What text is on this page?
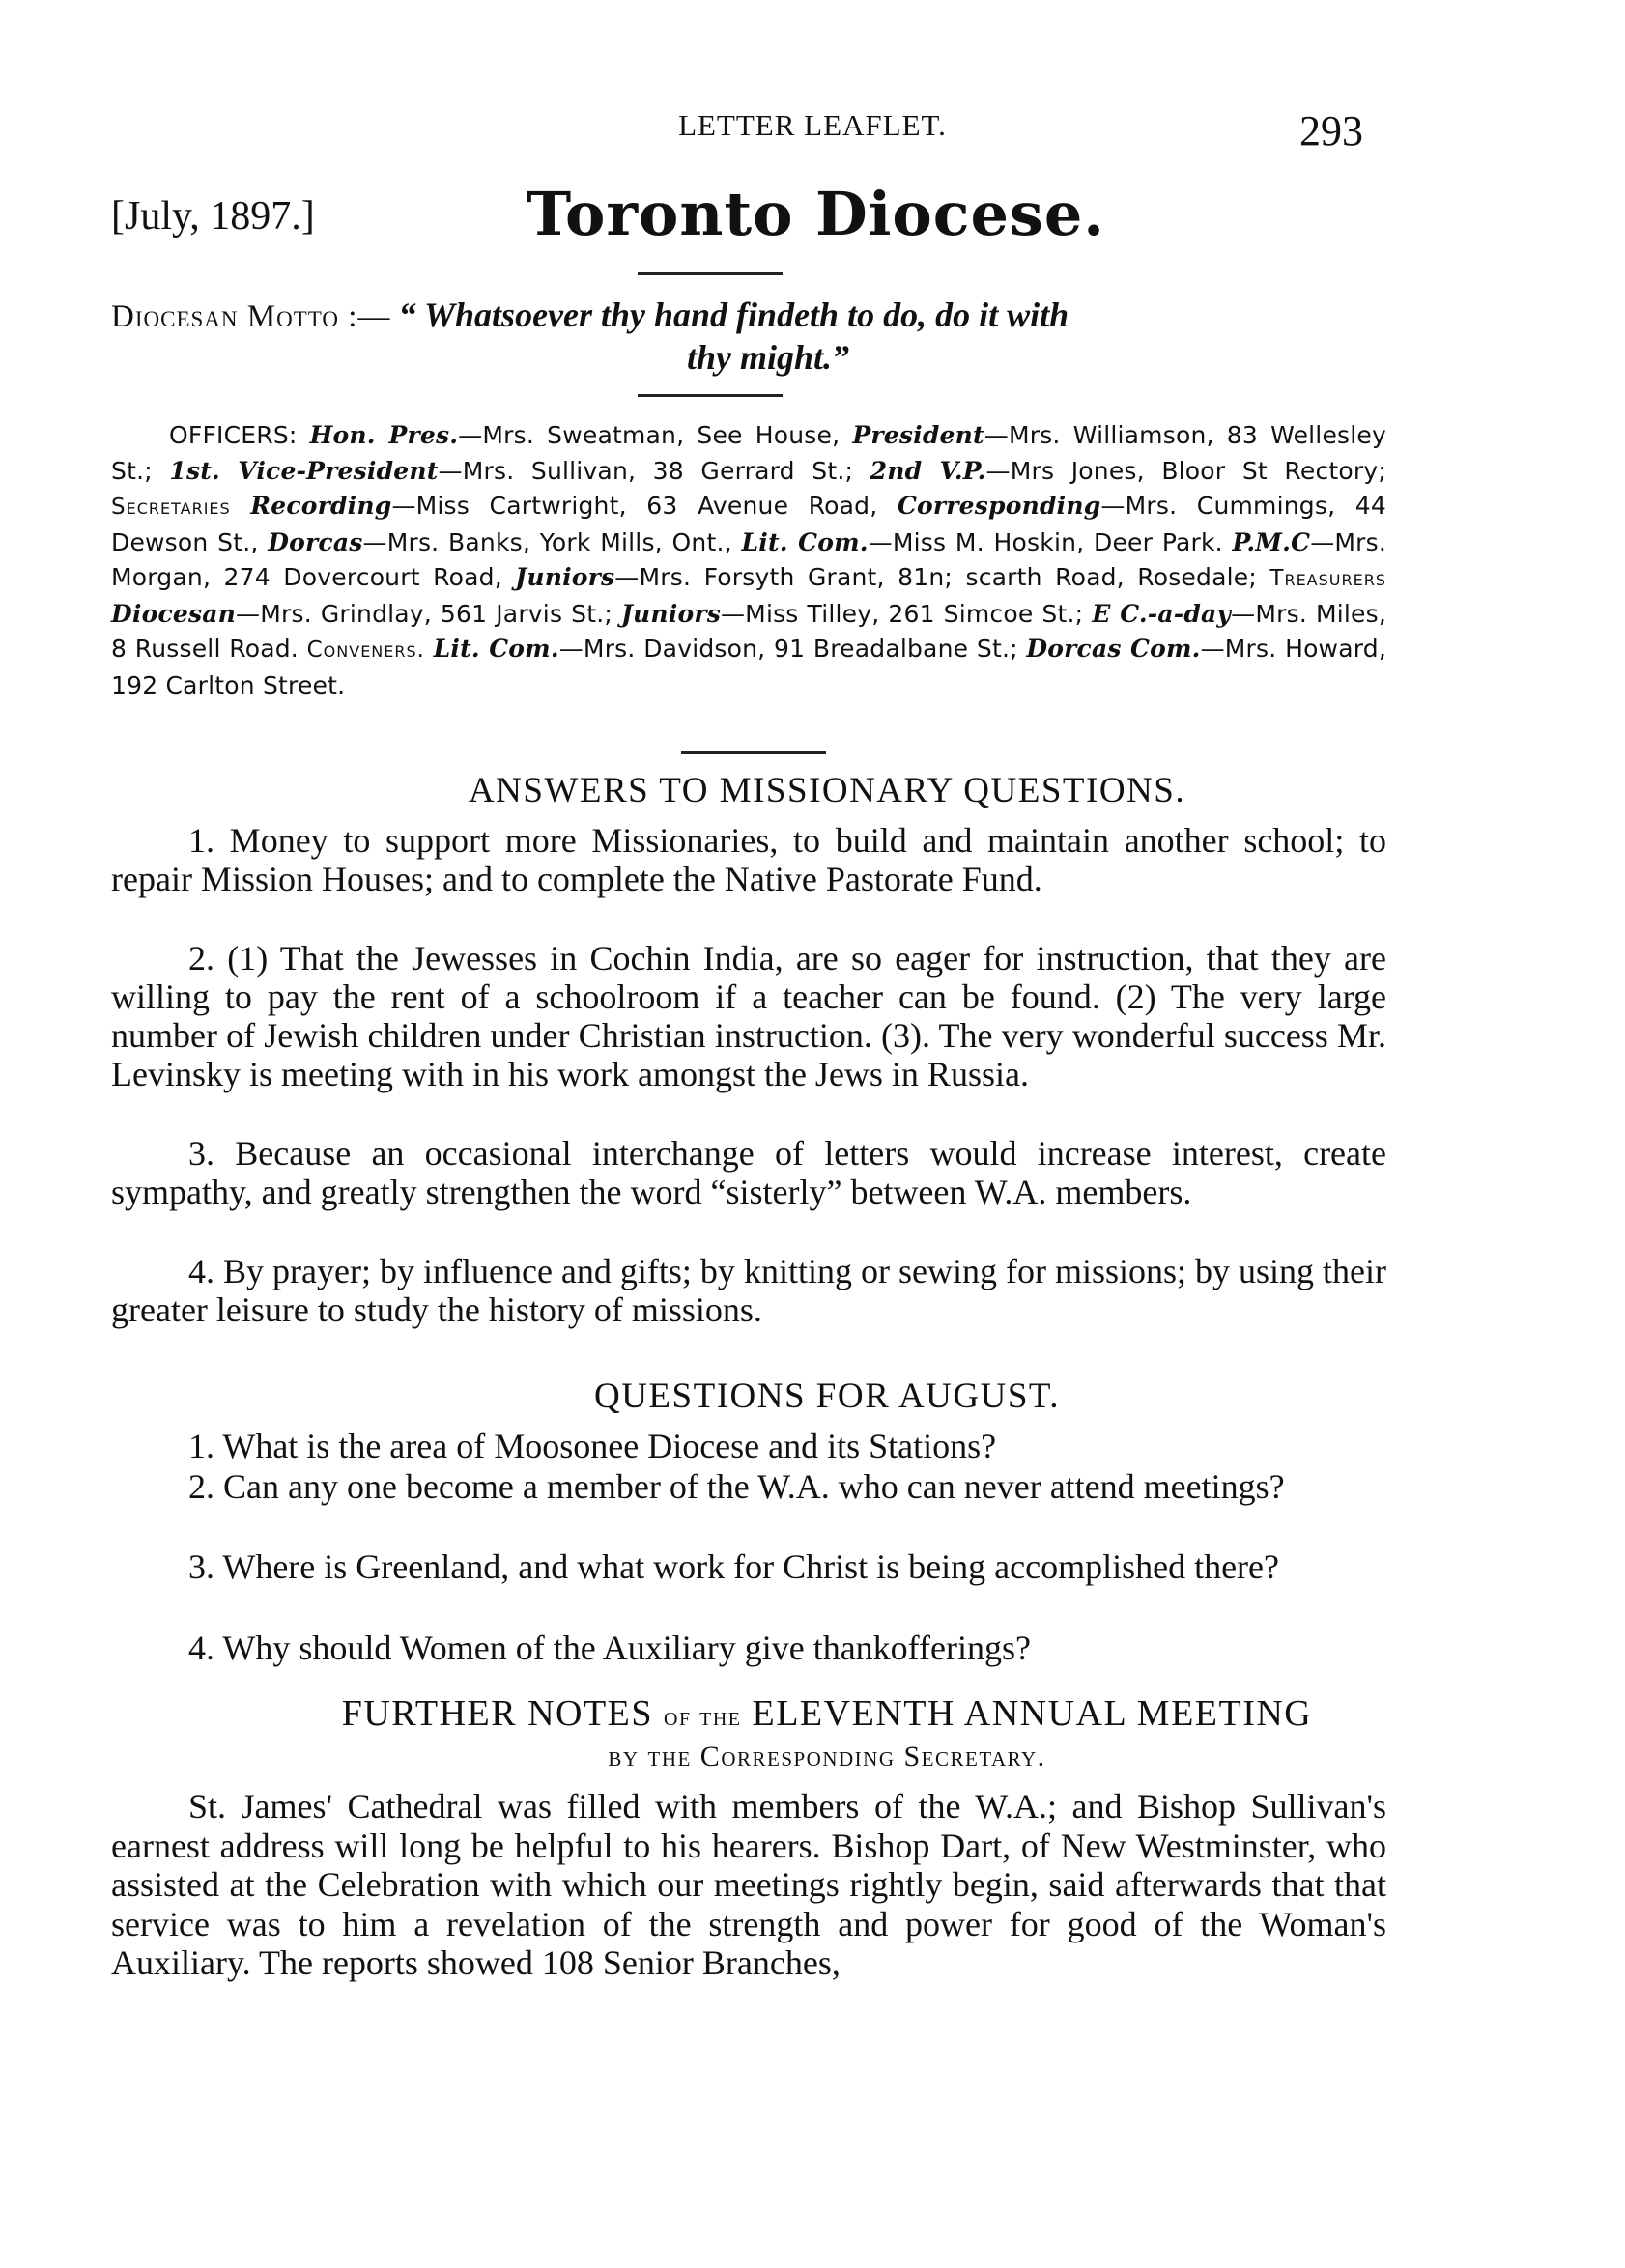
LETTER LEAFLET.	293
[July, 1897.]	Toronto Diocese.
Diocesan Motto :— “ Whatsoever thy hand findeth to do, do it with
thy might.”
OFFICERS: Hon. Pres.—Mrs. Sweatman, See House, President—Mrs. Williamson, 83 Wellesley St.; 1st. Vice-President—Mrs. Sullivan, 38 Gerrard St.; 2nd V.P.—Mrs Jones, Bloor St Rectory; Secretaries Recording—Miss Cartwright, 63 Avenue Road, Corresponding—Mrs. Cummings, 44 Dewson St., Dorcas—Mrs. Banks, York Mills, Ont., Lit. Com.—Miss M. Hoskin, Deer Park. P.M.C—Mrs. Morgan, 274 Dovercourt Road, Juniors—Mrs. Forsyth Grant, 81n; scarth Road, Rosedale; Treasurers Diocesan—Mrs. Grindlay, 561 Jarvis St.; Juniors—Miss Tilley, 261 Simcoe St.; E C.-a-day—Mrs. Miles, 8 Russell Road. Conveners. Lit. Com.—Mrs. Davidson, 91 Breadalbane St.; Dorcas Com.—Mrs. Howard, 192 Carlton Street.
ANSWERS TO MISSIONARY QUESTIONS.
1. Money to support more Missionaries, to build and maintain another school; to repair Mission Houses; and to complete the Native Pastorate Fund.
2. (1) That the Jewesses in Cochin India, are so eager for instruction, that they are willing to pay the rent of a schoolroom if a teacher can be found. (2) The very large number of Jewish children under Christian instruction. (3). The very wonderful success Mr. Levinsky is meeting with in his work amongst the Jews in Russia.
3. Because an occasional interchange of letters would increase interest, create sympathy, and greatly strengthen the word “sisterly” between W.A. members.
4. By prayer; by influence and gifts; by knitting or sewing for missions; by using their greater leisure to study the history of missions.
QUESTIONS FOR AUGUST.
1. What is the area of Moosonee Diocese and its Stations?
2. Can any one become a member of the W.A. who can never attend meetings?
3. Where is Greenland, and what work for Christ is being accomplished there?
4. Why should Women of the Auxiliary give thankofferings?
FURTHER NOTES of the ELEVENTH ANNUAL MEETING
by the Corresponding Secretary.

St. James' Cathedral was filled with members of the W.A.; and Bishop Sullivan's earnest address will long be helpful to his hearers. Bishop Dart, of New Westminster, who assisted at the Celebration with which our meetings rightly begin, said afterwards that that service was to him a revelation of the strength and power for good of the Woman's Auxiliary. The reports showed 108 Senior Branches,
